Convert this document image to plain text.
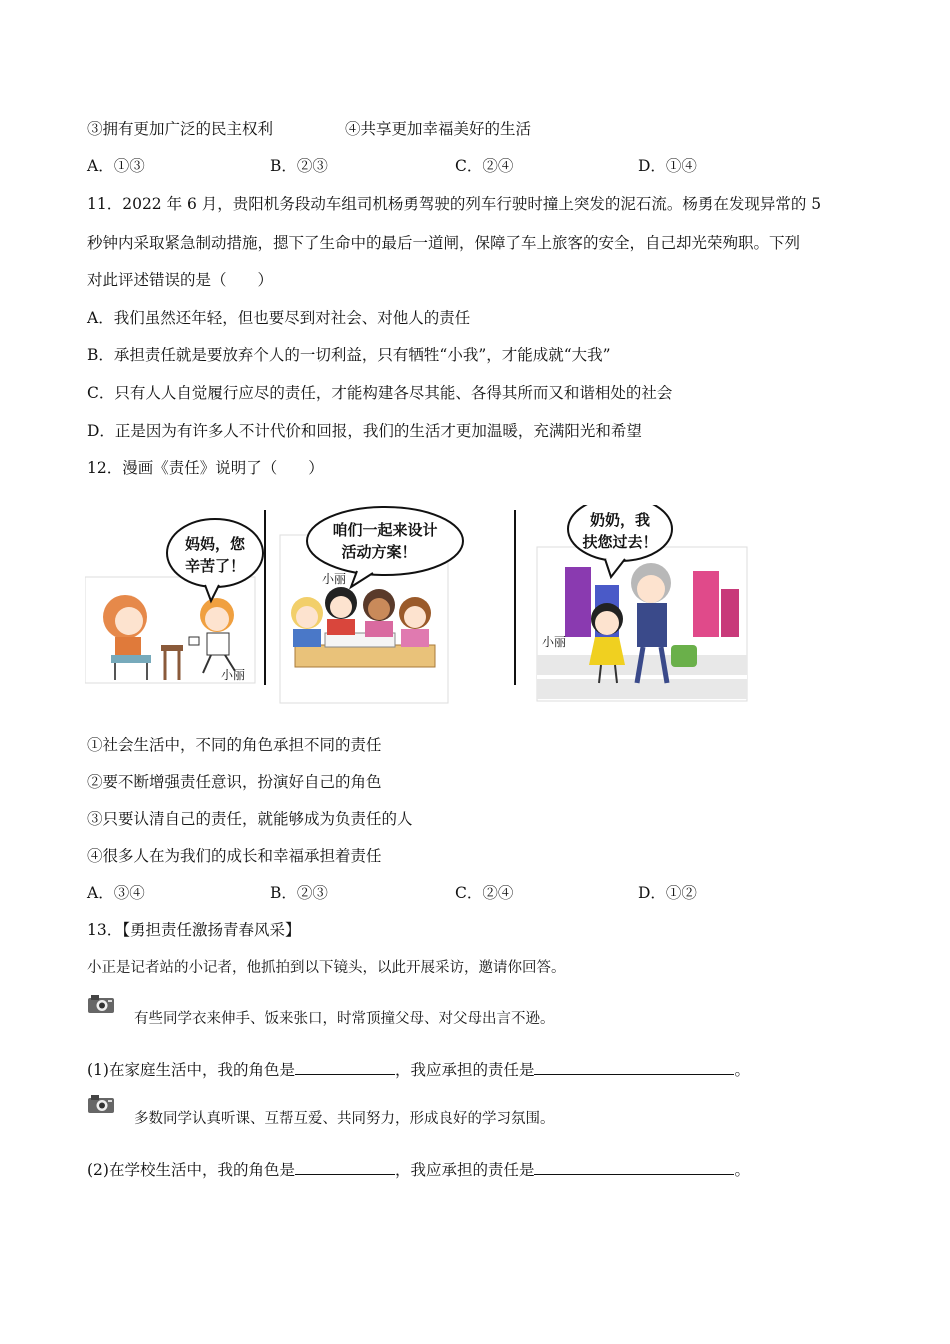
③拥有更加广泛的民主权利	④共享更加幸福美好的生活
A．①③	B．②③	C．②④	D．①④
11．2022 年 6 月，贵阳机务段动车组司机杨勇驾驶的列车行驶时撞上突发的泥石流。杨勇在发现异常的 5
秒钟内采取紧急制动措施，摁下了生命中的最后一道闸，保障了车上旅客的安全，自己却光荣殉职。下列
对此评述错误的是（　　）
A．我们虽然还年轻，但也要尽到对社会、对他人的责任
B．承担责任就是要放弃个人的一切利益，只有牺牲“小我”，才能成就“大我”
C．只有人人自觉履行应尽的责任，才能构建各尽其能、各得其所而又和谐相处的社会
D．正是因为有许多人不计代价和回报，我们的生活才更加温暖，充满阳光和希望
12．漫画《责任》说明了（　　）
妈妈，您
辛苦了！
小丽
咱们一起来设计
活动方案！
小丽
奶奶，我
扶您过去！
小丽
①社会生活中，不同的角色承担不同的责任
②要不断增强责任意识，扮演好自己的角色
③只要认清自己的责任，就能够成为负责任的人
④很多人在为我们的成长和幸福承担着责任
A．③④	B．②③	C．②④	D．①②
13．【勇担责任激扬青春风采】
小正是记者站的小记者，他抓拍到以下镜头，以此开展采访，邀请你回答。
有些同学衣来伸手、饭来张口，时常顶撞父母、对父母出言不逊。
(1)在家庭生活中，我的角色是	，我应承担的责任是	。
多数同学认真听课、互帮互爱、共同努力，形成良好的学习氛围。
(2)在学校生活中，我的角色是	，我应承担的责任是	。
